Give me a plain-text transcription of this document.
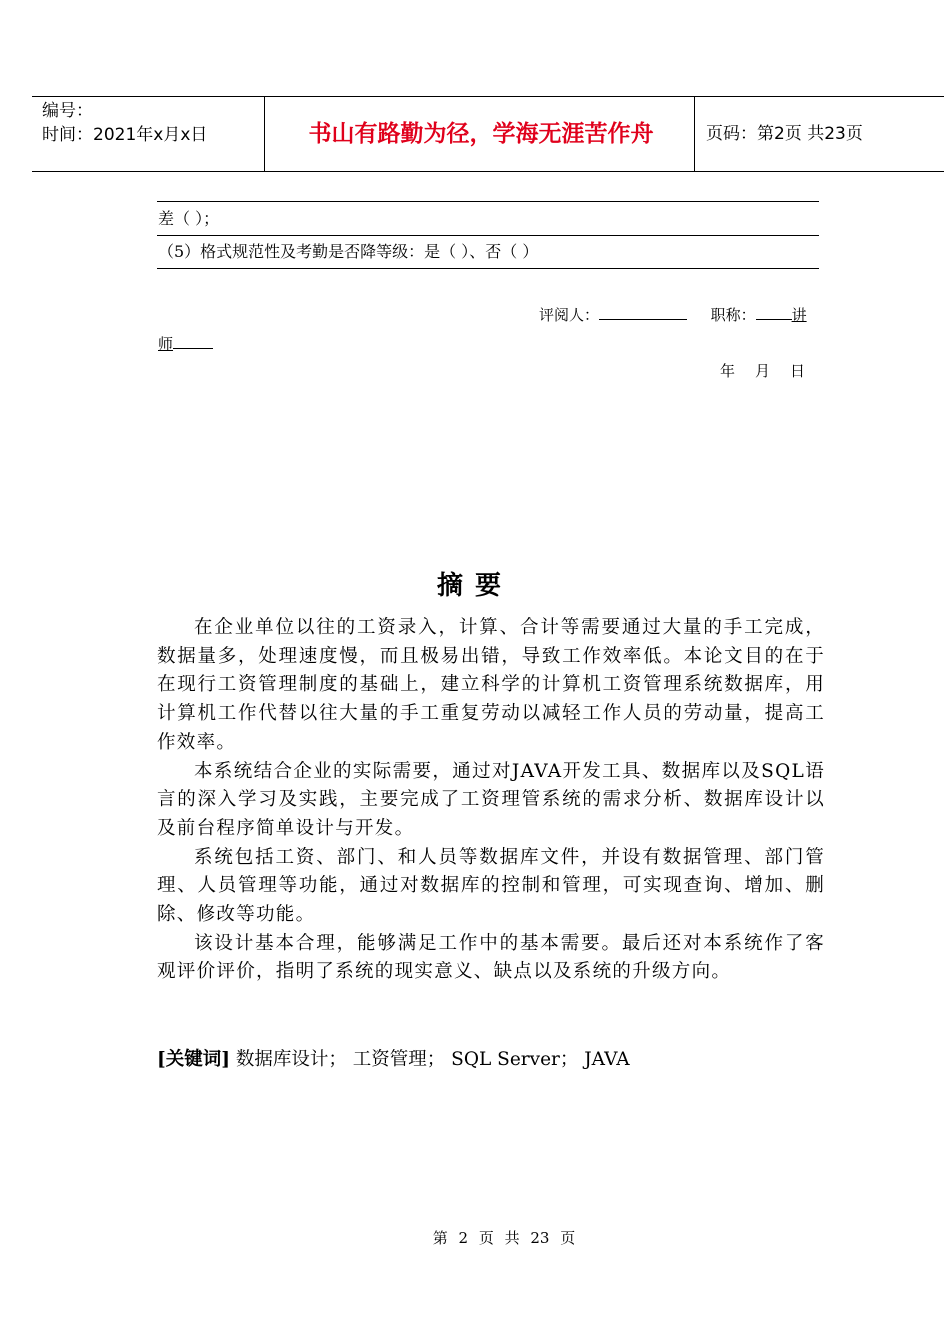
编号：
时间：2021年x月x日	书山有路勤为径，学海无涯苦作舟	页码：第2页 共23页
差（ ）；
（5）格式规范性及考勤是否降等级：是（ ）、否（ ）
评阅人：	职称： 讲
师
年 月 日
摘要

在企业单位以往的工资录入，计算、合计等需要通过大量的手工完成，数据量多，处理速度慢，而且极易出错，导致工作效率低。本论文目的在于在现行工资管理制度的基础上，建立科学的计算机工资管理系统数据库，用计算机工作代替以往大量的手工重复劳动以减轻工作人员的劳动量，提高工作效率。

本系统结合企业的实际需要，通过对JAVA开发工具、数据库以及SQL语言的深入学习及实践，主要完成了工资理管系统的需求分析、数据库设计以及前台程序简单设计与开发。

系统包括工资、部门、和人员等数据库文件，并设有数据管理、部门管理、人员管理等功能，通过对数据库的控制和管理，可实现查询、增加、删除、修改等功能。

该设计基本合理，能够满足工作中的基本需要。最后还对本系统作了客观评价评价，指明了系统的现实意义、缺点以及系统的升级方向。

[关键词] 数据库设计； 工资管理； SQL Server； JAVA
第 2 页 共 23 页
